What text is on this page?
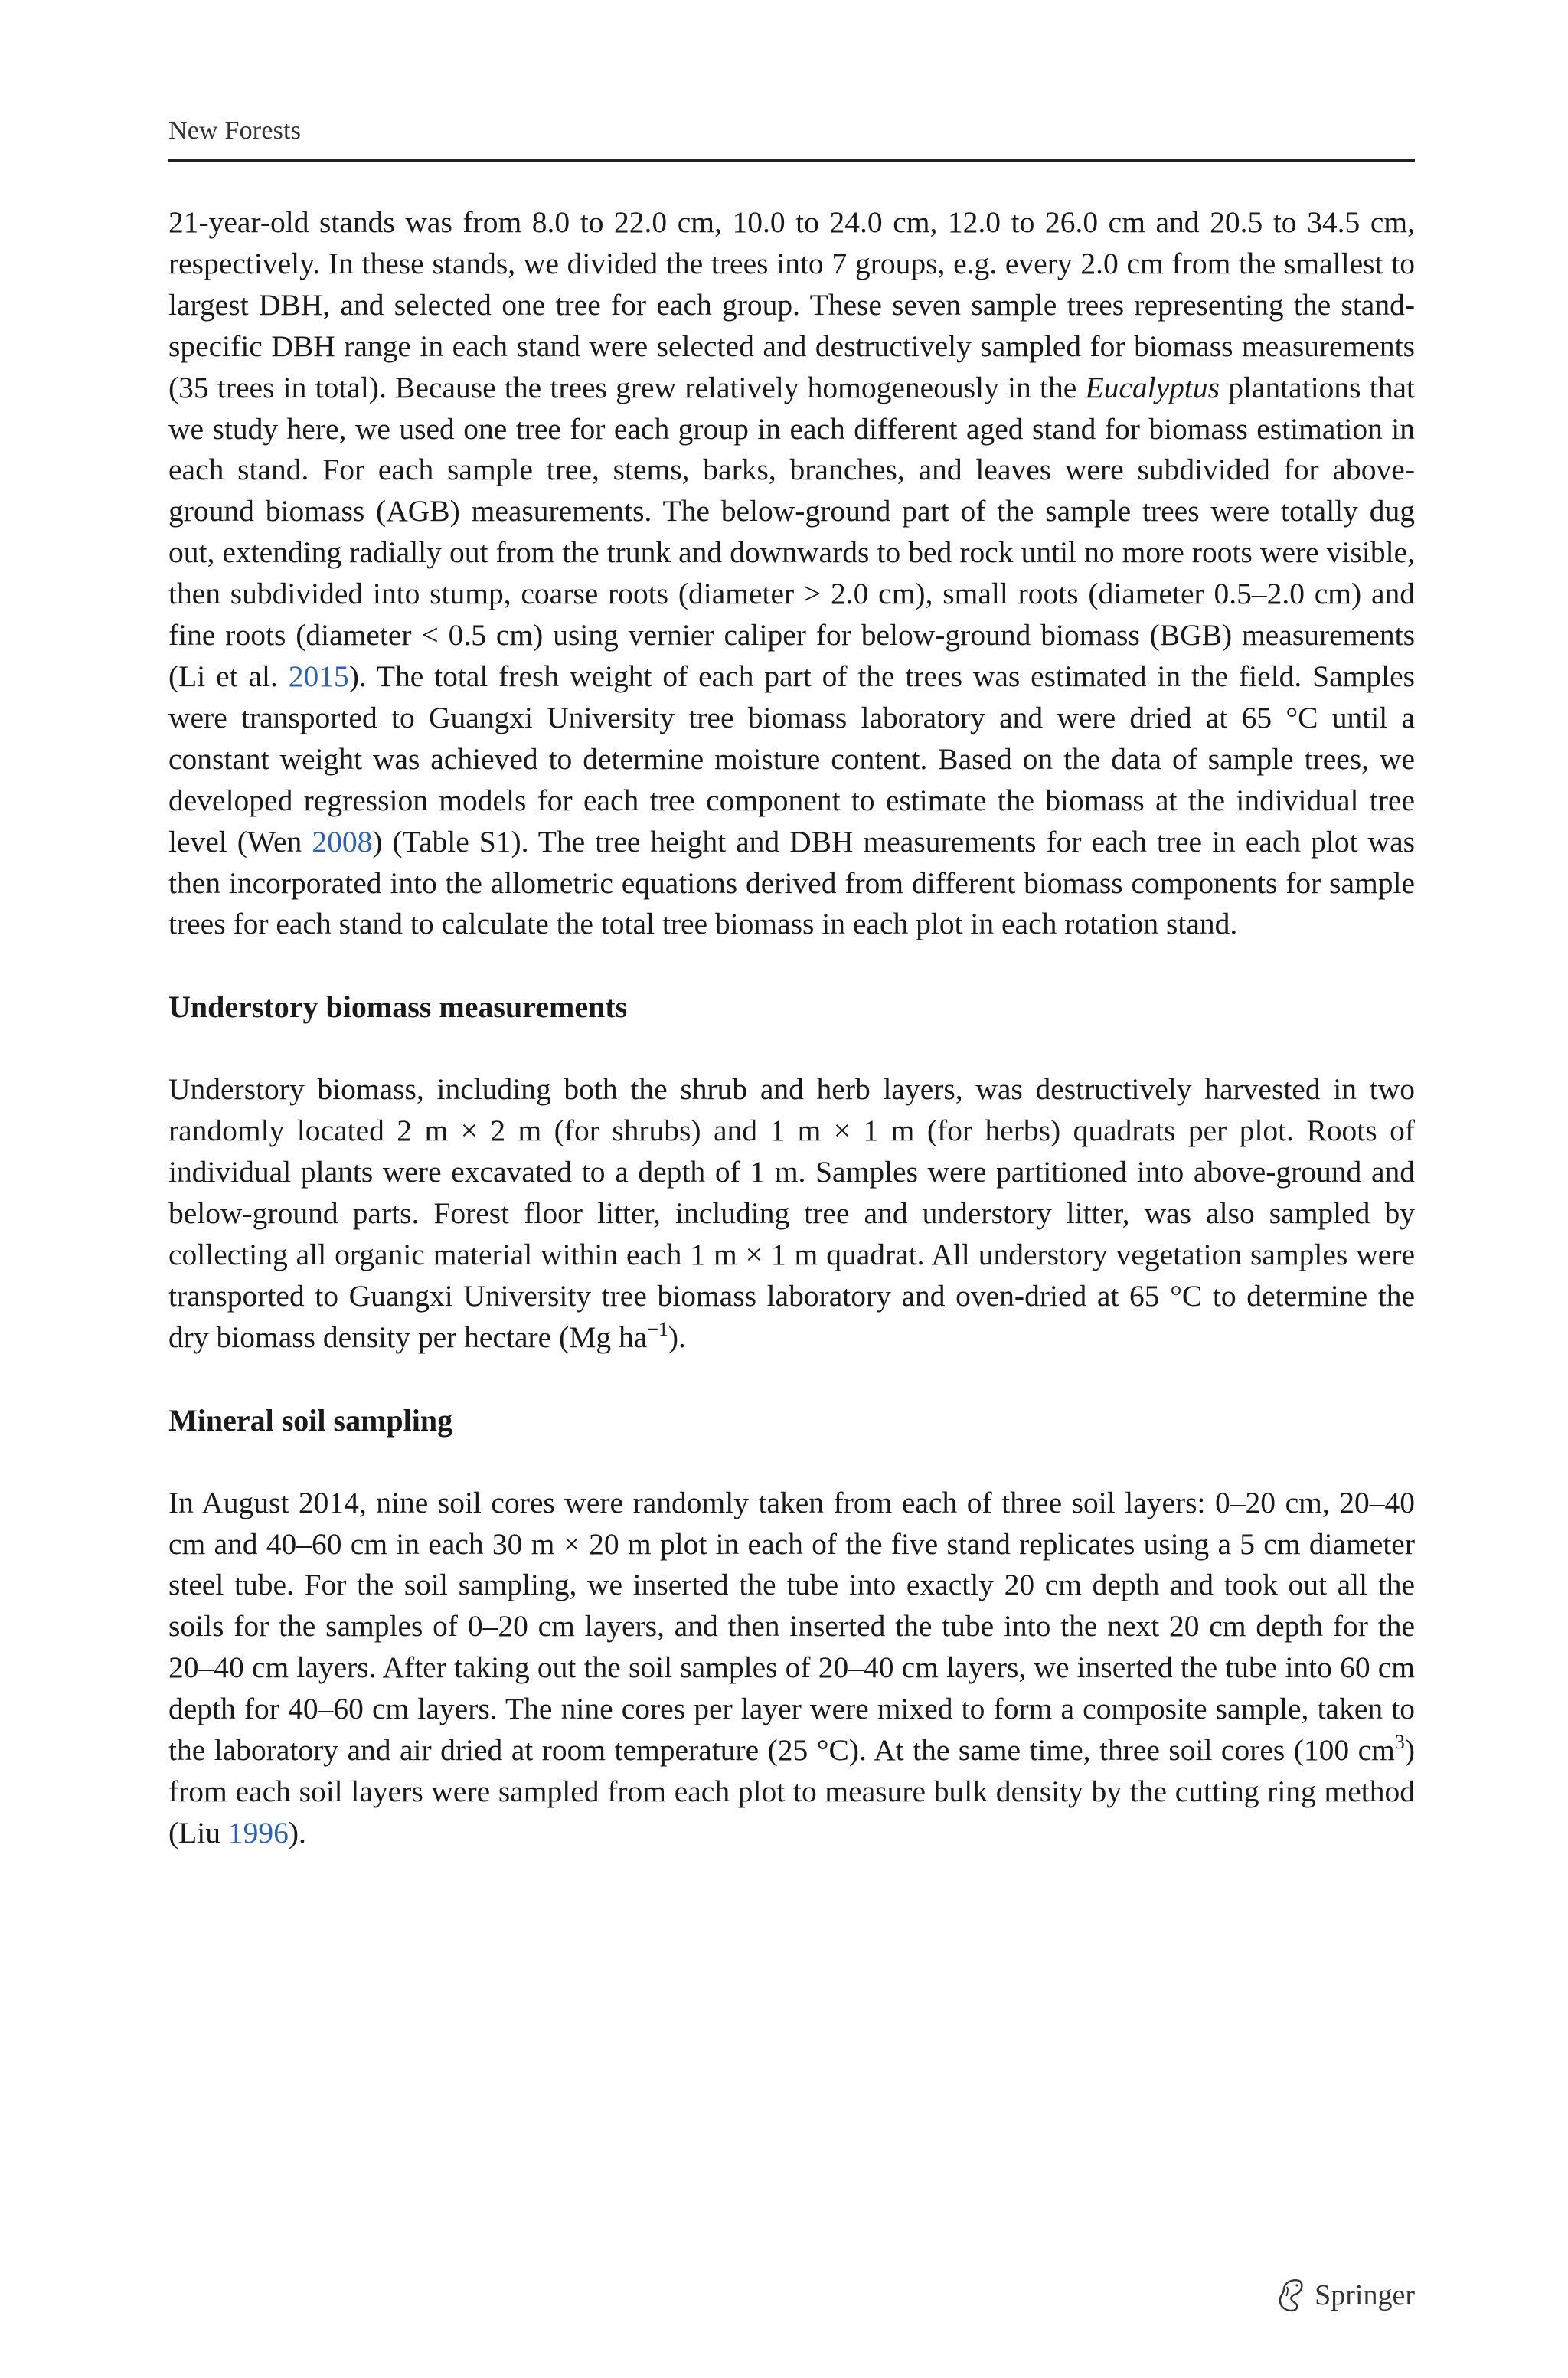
New Forests

21-year-old stands was from 8.0 to 22.0 cm, 10.0 to 24.0 cm, 12.0 to 26.0 cm and 20.5 to 34.5 cm, respectively. In these stands, we divided the trees into 7 groups, e.g. every 2.0 cm from the smallest to largest DBH, and selected one tree for each group. These seven sample trees representing the stand-specific DBH range in each stand were selected and destructively sampled for biomass measurements (35 trees in total). Because the trees grew relatively homogeneously in the Eucalyptus plantations that we study here, we used one tree for each group in each different aged stand for biomass estimation in each stand. For each sample tree, stems, barks, branches, and leaves were subdivided for above-ground biomass (AGB) measurements. The below-ground part of the sample trees were totally dug out, extending radially out from the trunk and downwards to bed rock until no more roots were visible, then subdivided into stump, coarse roots (diameter > 2.0 cm), small roots (diameter 0.5–2.0 cm) and fine roots (diameter < 0.5 cm) using vernier caliper for below-ground biomass (BGB) measurements (Li et al. 2015). The total fresh weight of each part of the trees was estimated in the field. Samples were transported to Guangxi University tree biomass laboratory and were dried at 65 °C until a constant weight was achieved to determine moisture content. Based on the data of sample trees, we developed regression models for each tree component to estimate the biomass at the individual tree level (Wen 2008) (Table S1). The tree height and DBH measurements for each tree in each plot was then incorporated into the allometric equations derived from different biomass components for sample trees for each stand to calculate the total tree biomass in each plot in each rotation stand.

Understory biomass measurements

Understory biomass, including both the shrub and herb layers, was destructively harvested in two randomly located 2 m × 2 m (for shrubs) and 1 m × 1 m (for herbs) quadrats per plot. Roots of individual plants were excavated to a depth of 1 m. Samples were partitioned into above-ground and below-ground parts. Forest floor litter, including tree and understory litter, was also sampled by collecting all organic material within each 1 m × 1 m quadrat. All understory vegetation samples were transported to Guangxi University tree biomass laboratory and oven-dried at 65 °C to determine the dry biomass density per hectare (Mg $ha^{-1}$).

Mineral soil sampling

In August 2014, nine soil cores were randomly taken from each of three soil layers: 0–20 cm, 20–40 cm and 40–60 cm in each 30 m × 20 m plot in each of the five stand replicates using a 5 cm diameter steel tube. For the soil sampling, we inserted the tube into exactly 20 cm depth and took out all the soils for the samples of 0–20 cm layers, and then inserted the tube into the next 20 cm depth for the 20–40 cm layers. After taking out the soil samples of 20–40 cm layers, we inserted the tube into 60 cm depth for 40–60 cm layers. The nine cores per layer were mixed to form a composite sample, taken to the laboratory and air dried at room temperature (25 °C). At the same time, three soil cores (100 $cm^3$) from each soil layers were sampled from each plot to measure bulk density by the cutting ring method (Liu 1996).

Springer
